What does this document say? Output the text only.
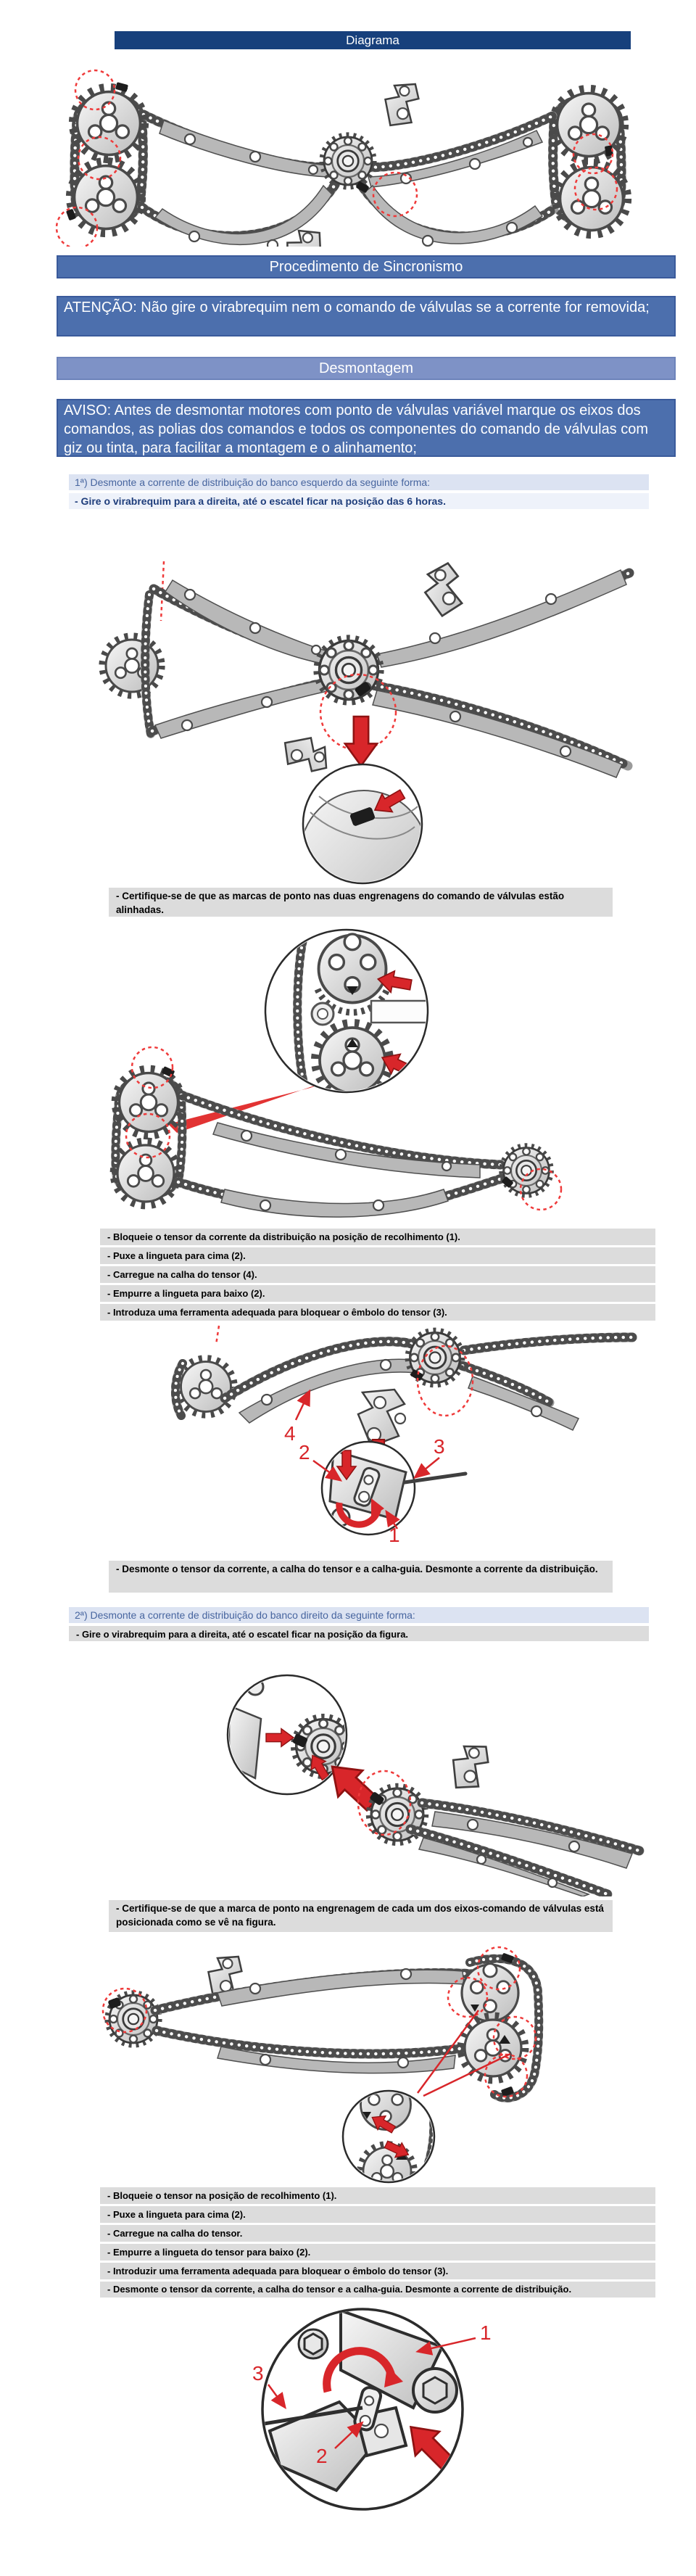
Diagrama
Procedimento de Sincronismo
ATENÇÃO: Não gire o virabrequim nem o comando de válvulas se a corrente for removida;
Desmontagem
AVISO: Antes de desmontar motores com ponto de válvulas variável marque os eixos dos comandos, as polias dos comandos e todos os componentes do comando de válvulas com giz ou tinta, para facilitar a montagem e o alinhamento;
1ª) Desmonte a corrente de distribuição do banco esquerdo da seguinte forma:
- Gire o virabrequim para a direita, até o escatel ficar na posição das 6 horas.
- Certifique-se de que as marcas de ponto nas duas engrenagens do comando de válvulas estão alinhadas.
- Bloqueie o tensor da corrente da distribuição na posição de recolhimento (1).
- Puxe a lingueta para cima (2).
- Carregue na calha do tensor (4).
- Empurre a lingueta para baixo (2).
- Introduza uma ferramenta adequada para bloquear o êmbolo do tensor (3).
4
2	3
1
- Desmonte o tensor da corrente, a calha do tensor e a calha-guia. Desmonte a corrente da distribuição.
2ª) Desmonte a corrente de distribuição do banco direito da seguinte forma:
- Gire o virabrequim para a direita, até o escatel ficar na posição da figura.
- Certifique-se de que a marca de ponto na engrenagem de cada um dos eixos-comando de válvulas está posicionada como se vê na figura.
- Bloqueie o tensor na posição de recolhimento (1).
- Puxe a lingueta para cima (2).
- Carregue na calha do tensor.
- Empurre a lingueta do tensor para baixo (2).
- Introduzir uma ferramenta adequada para bloquear o êmbolo do tensor (3).
- Desmonte o tensor da corrente, a calha do tensor e a calha-guia. Desmonte a corrente de distribuição.
1
3
2
